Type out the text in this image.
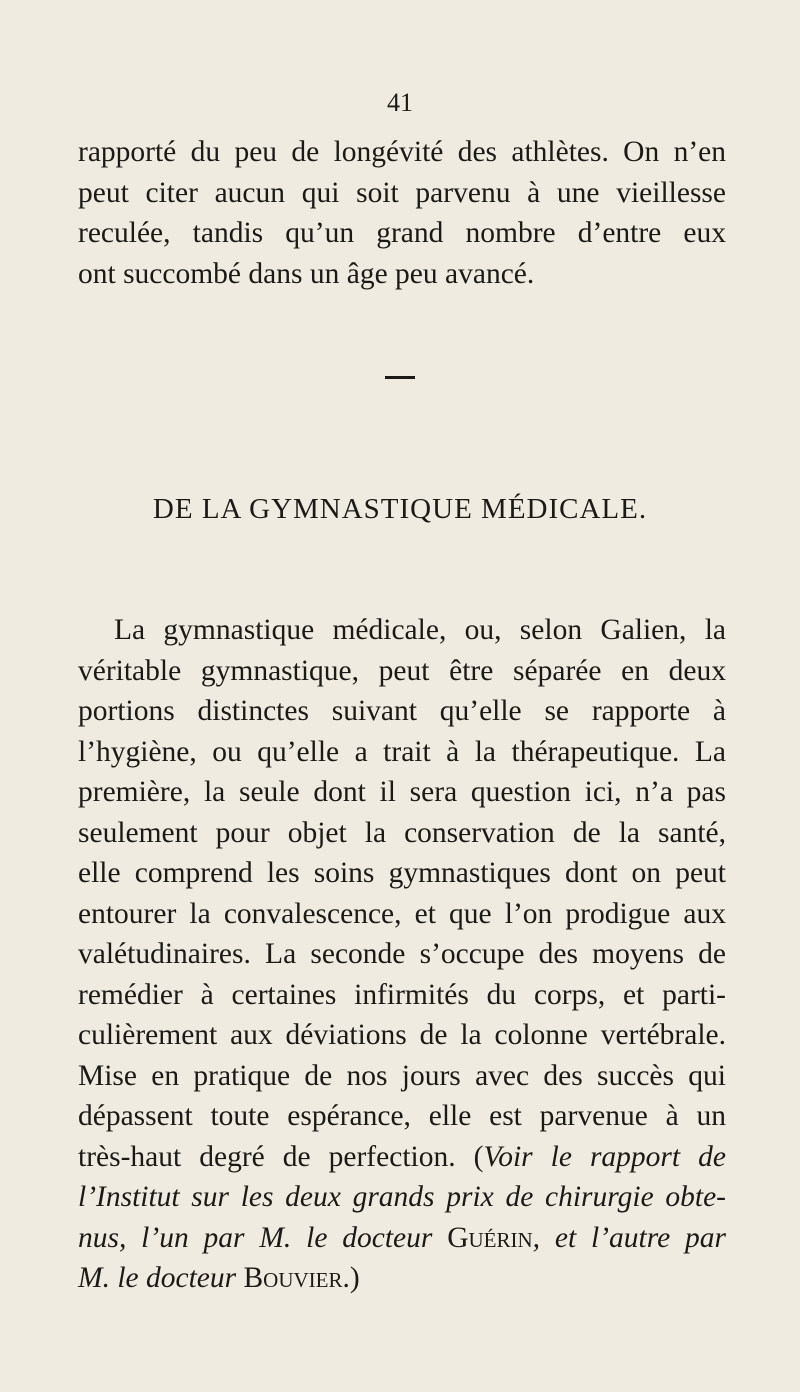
41
rapporté du peu de longévité des athlètes. On n’en
peut citer aucun qui soit parvenu à une vieillesse
reculée, tandis qu’un grand nombre d’entre eux
ont succombé dans un âge peu avancé.
DE LA GYMNASTIQUE MÉDICALE.
La gymnastique médicale, ou, selon Galien, la
véritable gymnastique, peut être séparée en deux
portions distinctes suivant qu’elle se rapporte à
l’hygiène, ou qu’elle a trait à la thérapeutique. La
première, la seule dont il sera question ici, n’a pas
seulement pour objet la conservation de la santé,
elle comprend les soins gymnastiques dont on peut
entourer la convalescence, et que l’on prodigue aux
valétudinaires. La seconde s’occupe des moyens de
remédier à certaines infirmités du corps, et parti-
culièrement aux déviations de la colonne vertébrale.
Mise en pratique de nos jours avec des succès qui
dépassent toute espérance, elle est parvenue à un
très-haut degré de perfection. (Voir le rapport de
l’Institut sur les deux grands prix de chirurgie obte-
nus, l’un par M. le docteur Guérin, et l’autre par
M. le docteur Bouvier.)
